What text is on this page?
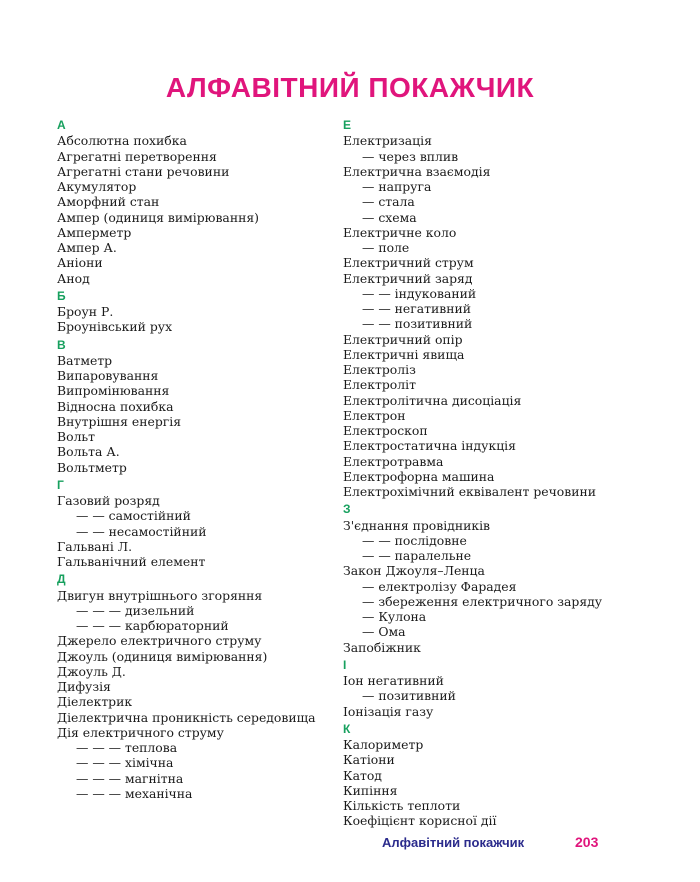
АЛФАВІТНИЙ ПОКАЖЧИК
А
Абсолютна похибка
Агрегатні перетворення
Агрегатні стани речовини
Акумулятор
Аморфний стан
Ампер (одиниця вимірювання)
Амперметр
Ампер А.
Аніони
Анод
Б
Броун Р.
Броунівський рух
В
Ватметр
Випаровування
Випромінювання
Відносна похибка
Внутрішня енергія
Вольт
Вольта А.
Вольтметр
Г
Газовий розряд
— — самостійний
— — несамостійний
Гальвані Л.
Гальванічний елемент
Д
Двигун внутрішнього згоряння
— — — дизельний
— — — карбюраторний
Джерело електричного струму
Джоуль (одиниця вимірювання)
Джоуль Д.
Дифузія
Діелектрик
Діелектрична проникність середовища
Дія електричного струму
— — — теплова
— — — хімічна
— — — магнітна
— — — механічна
Е
Електризація
— через вплив
Електрична взаємодія
— напруга
— стала
— схема
Електричне коло
— поле
Електричний струм
Електричний заряд
— — індукований
— — негативний
— — позитивний
Електричний опір
Електричні явища
Електроліз
Електроліт
Електролітична дисоціація
Електрон
Електроскоп
Електростатична індукція
Електротравма
Електрофорна машина
Електрохімічний еквівалент речовини
З
З'єднання провідників
— — послідовне
— — паралельне
Закон Джоуля–Ленца
— електролізу Фарадея
— збереження електричного заряду
— Кулона
— Ома
Запобіжник
І
Іон негативний
— позитивний
Іонізація газу
К
Калориметр
Катіони
Катод
Кипіння
Кількість теплоти
Коефіцієнт корисної дії
Алфавітний покажчик	203
